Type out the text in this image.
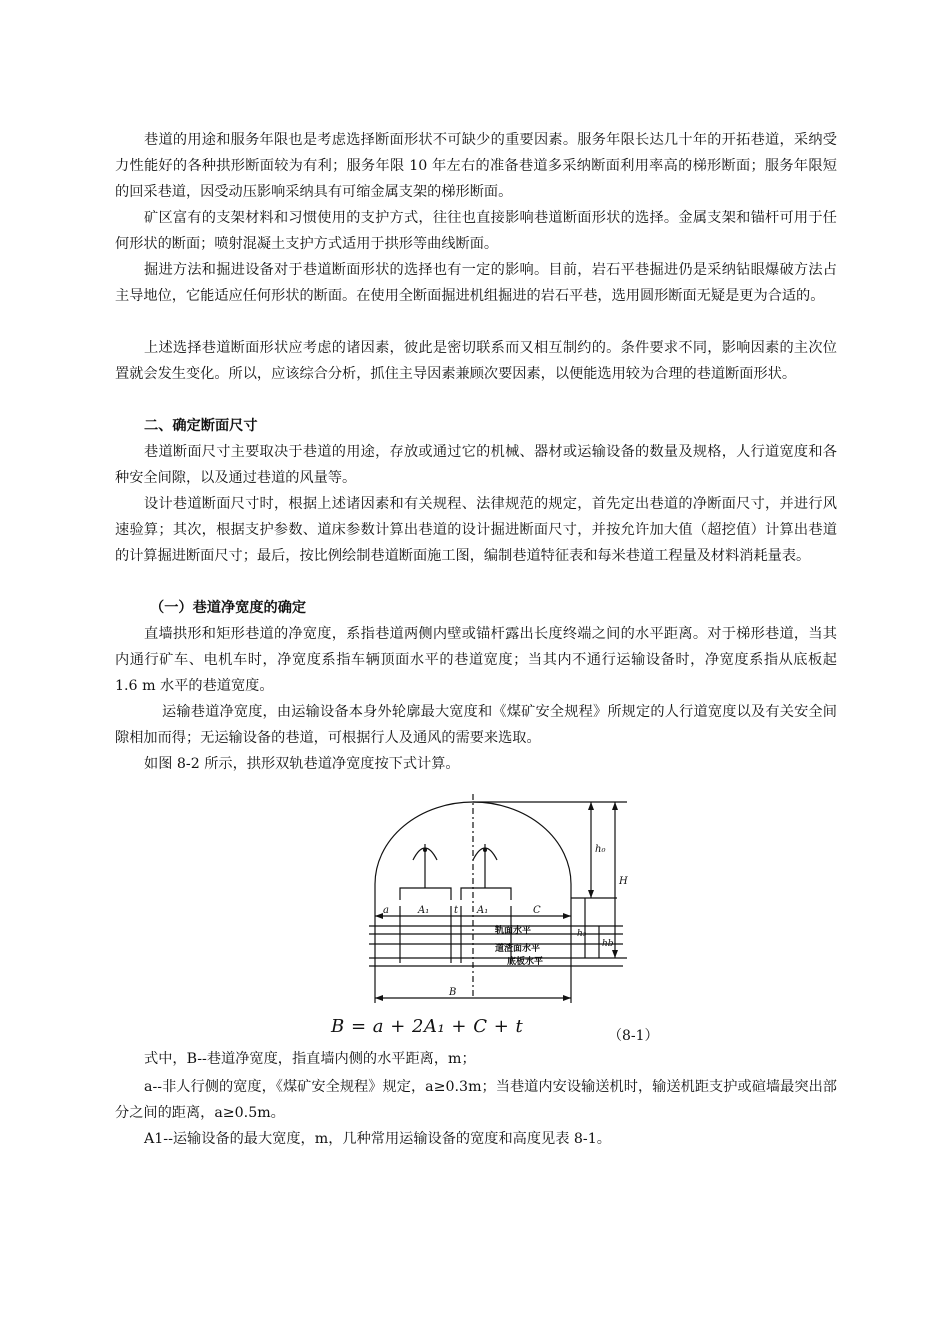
巷道的用途和服务年限也是考虑选择断面形状不可缺少的重要因素。服务年限长达几十年的开拓巷道，采纳受力性能好的各种拱形断面较为有利；服务年限 10 年左右的准备巷道多采纳断面利用率高的梯形断面；服务年限短的回采巷道，因受动压影响采纳具有可缩金属支架的梯形断面。

矿区富有的支架材料和习惯使用的支护方式，往往也直接影响巷道断面形状的选择。金属支架和锚杆可用于任何形状的断面；喷射混凝土支护方式适用于拱形等曲线断面。

掘进方法和掘进设备对于巷道断面形状的选择也有一定的影响。目前，岩石平巷掘进仍是采纳钻眼爆破方法占主导地位，它能适应任何形状的断面。在使用全断面掘进机组掘进的岩石平巷，选用圆形断面无疑是更为合适的。

上述选择巷道断面形状应考虑的诸因素，彼此是密切联系而又相互制约的。条件要求不同，影响因素的主次位置就会发生变化。所以，应该综合分析，抓住主导因素兼顾次要因素，以便能选用较为合理的巷道断面形状。

二、确定断面尺寸

巷道断面尺寸主要取决于巷道的用途，存放或通过它的机械、器材或运输设备的数量及规格，人行道宽度和各种安全间隙，以及通过巷道的风量等。

设计巷道断面尺寸时，根据上述诸因素和有关规程、法律规范的规定，首先定出巷道的净断面尺寸，并进行风速验算；其次，根据支护参数、道床参数计算出巷道的设计掘进断面尺寸，并按允许加大值（超挖值）计算出巷道的计算掘进断面尺寸；最后，按比例绘制巷道断面施工图，编制巷道特征表和每米巷道工程量及材料消耗量表。

（一）巷道净宽度的确定

直墙拱形和矩形巷道的净宽度，系指巷道两侧内壁或锚杆露出长度终端之间的水平距离。对于梯形巷道，当其内通行矿车、电机车时，净宽度系指车辆顶面水平的巷道宽度；当其内不通行运输设备时，净宽度系指从底板起 1.6 m 水平的巷道宽度。

运输巷道净宽度，由运输设备本身外轮廓最大宽度和《煤矿安全规程》所规定的人行道宽度以及有关安全间隙相加而得；无运输设备的巷道，可根据行人及通风的需要来选取。

如图 8-2 所示，拱形双轨巷道净宽度按下式计算。

a	A₁ t A₁	C
B
h₀
H
h₃
hb
轨面水平
道渣面水平
底板水平
B = a + 2A₁ + C + t	（8-1）

式中，B--巷道净宽度，指直墙内侧的水平距离，m；

a--非人行侧的宽度，《煤矿安全规程》规定，a≥0.3m；当巷道内安设输送机时，输送机距支护或碹墙最突出部分之间的距离，a≥0.5m。

A1--运输设备的最大宽度，m，几种常用运输设备的宽度和高度见表 8-1。
